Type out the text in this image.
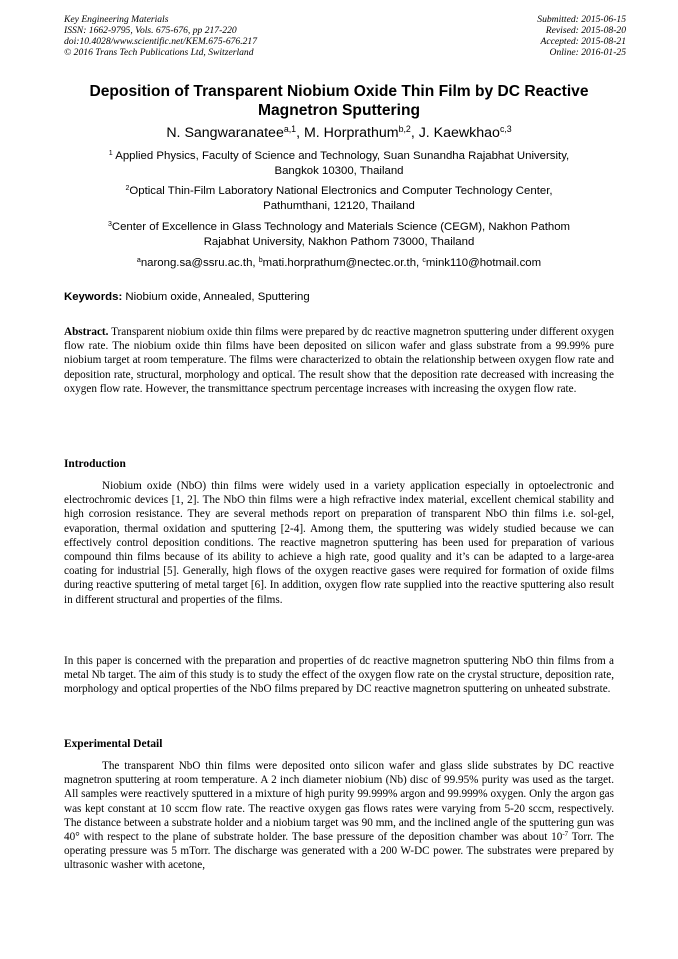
Key Engineering Materials
ISSN: 1662-9795, Vols. 675-676, pp 217-220
doi:10.4028/www.scientific.net/KEM.675-676.217
© 2016 Trans Tech Publications Ltd, Switzerland
Submitted: 2015-06-15
Revised: 2015-08-20
Accepted: 2015-08-21
Online: 2016-01-25
Deposition of Transparent Niobium Oxide Thin Film by DC Reactive
Magnetron Sputtering
N. Sangwaranatee$^{a,1}$, M. Horprathum$^{b,2}$, J. Kaewkhao$^{c,3}$
$^1$ Applied Physics, Faculty of Science and Technology, Suan Sunandha Rajabhat University,
Bangkok 10300, Thailand
$^2$Optical Thin-Film Laboratory National Electronics and Computer Technology Center,
Pathumthani, 12120, Thailand
$^3$Center of Excellence in Glass Technology and Materials Science (CEGM), Nakhon Pathom
Rajabhat University, Nakhon Pathom 73000, Thailand
$^a$narong.sa@ssru.ac.th, $^b$mati.horprathum@nectec.or.th, $^c$mink110@hotmail.com
Keywords: Niobium oxide, Annealed, Sputtering
Abstract. Transparent niobium oxide thin films were prepared by dc reactive magnetron sputtering under different oxygen flow rate. The niobium oxide thin films have been deposited on silicon wafer and glass substrate from a 99.99% pure niobium target at room temperature. The films were characterized to obtain the relationship between oxygen flow rate and deposition rate, structural, morphology and optical. The result show that the deposition rate decreased with increasing the oxygen flow rate. However, the transmittance spectrum percentage increases with increasing the oxygen flow rate.
Introduction
Niobium oxide (NbO) thin films were widely used in a variety application especially in optoelectronic and electrochromic devices [1, 2]. The NbO thin films were a high refractive index material, excellent chemical stability and high corrosion resistance. They are several methods report on preparation of transparent NbO thin films i.e. sol-gel, evaporation, thermal oxidation and sputtering [2-4]. Among them, the sputtering was widely studied because we can effectively control deposition conditions. The reactive magnetron sputtering has been used for preparation of various compound thin films because of its ability to achieve a high rate, good quality and it’s can be adapted to a large-area coating for industrial [5]. Generally, high flows of the oxygen reactive gases were required for formation of oxide films during reactive sputtering of metal target [6]. In addition, oxygen flow rate supplied into the reactive sputtering also result in different structural and properties of the films.
In this paper is concerned with the preparation and properties of dc reactive magnetron sputtering NbO thin films from a metal Nb target. The aim of this study is to study the effect of the oxygen flow rate on the crystal structure, deposition rate, morphology and optical properties of the NbO films prepared by DC reactive magnetron sputtering on unheated substrate.
Experimental Detail
The transparent NbO thin films were deposited onto silicon wafer and glass slide substrates by DC reactive magnetron sputtering at room temperature. A 2 inch diameter niobium (Nb) disc of 99.95% purity was used as the target. All samples were reactively sputtered in a mixture of high purity 99.999% argon and 99.999% oxygen. Only the argon gas was kept constant at 10 sccm flow rate. The reactive oxygen gas flows rates were varying from 5-20 sccm, respectively. The distance between a substrate holder and a niobium target was 90 mm, and the inclined angle of the sputtering gun was 40° with respect to the plane of substrate holder. The base pressure of the deposition chamber was about $10^{-7}$ Torr. The operating pressure was 5 mTorr. The discharge was generated with a 200 W-DC power. The substrates were prepared by ultrasonic washer with acetone,
